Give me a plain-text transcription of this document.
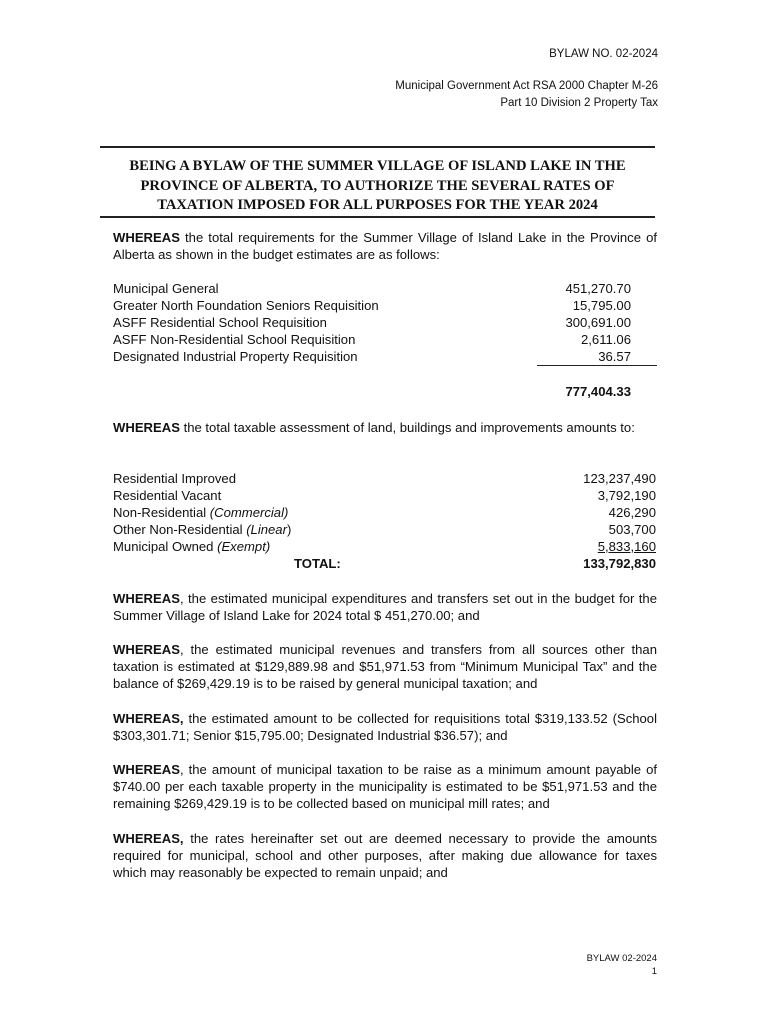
BYLAW NO. 02-2024
Municipal Government Act RSA 2000 Chapter M-26
Part 10 Division 2 Property Tax
BEING A BYLAW OF THE SUMMER VILLAGE OF ISLAND LAKE IN THE
PROVINCE OF ALBERTA, TO AUTHORIZE THE SEVERAL RATES OF
TAXATION IMPOSED FOR ALL PURPOSES FOR THE YEAR 2024
WHEREAS the total requirements for the Summer Village of Island Lake in the Province of Alberta as shown in the budget estimates are as follows:
Municipal General	451,270.70
Greater North Foundation Seniors Requisition	15,795.00
ASFF Residential School Requisition	300,691.00
ASFF Non-Residential School Requisition	2,611.06
Designated Industrial Property Requisition	36.57
777,404.33
WHEREAS the total taxable assessment of land, buildings and improvements amounts to:
Residential Improved	123,237,490
Residential Vacant	3,792,190
Non-Residential (Commercial)	426,290
Other Non-Residential (Linear)	503,700
Municipal Owned (Exempt)	5,833,160
TOTAL:	133,792,830
WHEREAS, the estimated municipal expenditures and transfers set out in the budget for the Summer Village of Island Lake for 2024 total $ 451,270.00; and
WHEREAS, the estimated municipal revenues and transfers from all sources other than taxation is estimated at $129,889.98 and $51,971.53 from “Minimum Municipal Tax” and the balance of $269,429.19 is to be raised by general municipal taxation; and
WHEREAS, the estimated amount to be collected for requisitions total $319,133.52 (School $303,301.71; Senior $15,795.00; Designated Industrial $36.57); and
WHEREAS, the amount of municipal taxation to be raise as a minimum amount payable of $740.00 per each taxable property in the municipality is estimated to be $51,971.53 and the remaining $269,429.19 is to be collected based on municipal mill rates; and
WHEREAS, the rates hereinafter set out are deemed necessary to provide the amounts required for municipal, school and other purposes, after making due allowance for taxes which may reasonably be expected to remain unpaid; and
BYLAW 02-2024
1
